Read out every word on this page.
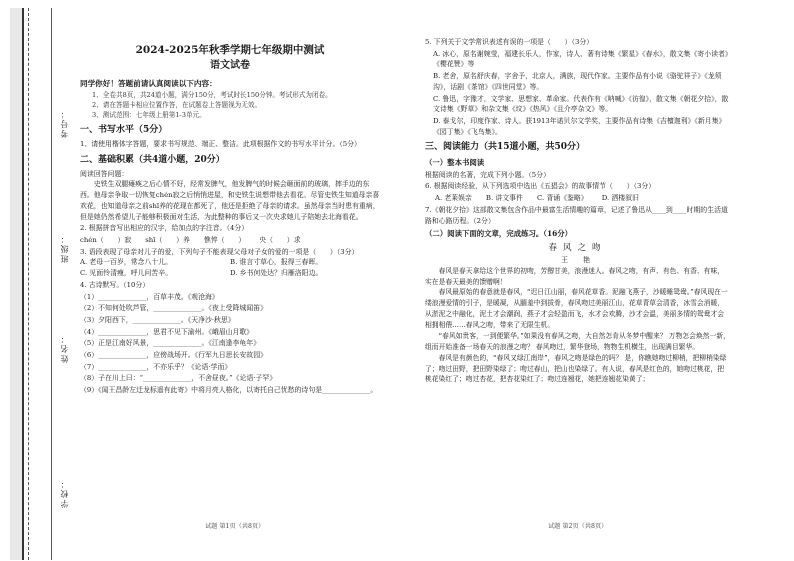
学校：
姓名：
班级：
考号：
2024-2025年秋季学期七年级期中测试
语文试卷
同学你好！答题前请认真阅读以下内容：
1、全卷共8页，共24道小题，满分150分，考试时长150分钟。考试形式为闭卷。
2、请在答题卡相应位置作答，在试题卷上答题视为无效。
3、测试范围：七年级上册第1-3单元。
一、书写水平（5分）
1、请使用楷体字答题，要求书写规范、端正、整洁。此项根据作文的书写水平计分。（5分）
二、基础积累（共4道小题，20分）
阅读回答问题：
史铁生双腿瘫痪之后心情不好，经常发脾气，他发脾气的时候会砸面前的玻璃，摔手边的东西。他母亲争取一切恢复chén寂之后悄悄进屋，和史铁生说想带他去看花。尽管史铁生知道母亲喜欢花，也知道母亲之前shī养的花现在都死了，他还是拒绝了母亲的请求。虽然母亲当时患有重病，但是她仍然希望儿子能够积极面对生活，为此整种的事后又一次央求她儿子陪她去北海看花。
2. 根据拼音写出相应的汉字，给加点的字注音。（4分）
chén（　　）寂 shī（　　）养 憔悴（　　） 央（　　）求
3. 语段表现了母亲对儿子的爱，下列句子不能表现父母对子女的爱的一项是（　　）（3分）
A. 老母一百岁，常念八十儿。	B. 谁言寸草心，报得三春晖。
C. 见面怜清瘦，呼儿问苦辛。	D. 乡书何处达？归雁洛阳边。
4. 古诗默写。（10分）
（1）______________，百草丰茂。《观沧海》
（2）不知何处吹芦管，______________。《夜上受降城闻笛》
（3）夕阳西下，______________。《天净沙·秋思》
（4）______________，思君不见下渝州。《峨眉山月歌》
（5）正是江南好风景，______________。《江南逢李龟年》
（6）______________，应傍战场开。《行军九日思长安故园》
（7）______________，不亦乐乎？《论语·学而》
（8）子在川上曰：“______________，不舍昼夜。”《论语·子罕》
（9）《闻王昌龄左迁龙标遥有此寄》中将月亮人格化，以寄托自己忧愁的诗句是______________。
试题 第1页（共8页）
5. 下列关于文学常识表述有误的一项是（　　）（3分）
A. 冰心，原名谢婉莹，福建长乐人，作家，诗人、著有诗集《繁星》《春水》，散文集《寄小读者》《樱花赞》等
B. 老舍，原名舒庆春，字舍予，北京人，满族，现代作家。主要作品有小说《骆驼祥子》《龙须沟》，话剧《茶馆》《四世同堂》等。
C. 鲁迅，字豫才，文学家、思想家、革命家。代表作有《呐喊》《彷徨》，散文集《朝花夕拾》，散文诗集《野草》和杂文集《坟》《热风》《且介亭杂文》等。
D. 泰戈尔，印度作家、诗人。获1913年诺贝尔文学奖，主要作品有诗集《吉檀迦利》《新月集》《园丁集》《飞鸟集》。
三、阅读能力（共15道小题，共50分）
（一）整本书阅读
根据阅读的名著，完成下列小题。（5分）
6. 根据阅读经验，从下列选项中选出《五猖会》的故事情节（　　）（3分）
A. 老莱娱亲 B. 讲文事件 C. 背诵《鉴略》 D. 洒楼叙旧
7.《朝花夕拾》这部散文集包含作品中最富生活情趣的篇章，记述了鲁迅从____到____时期的生活道路和心路历程。（2分）
（二）阅读下面的文章，完成练习。（16分）
春风之吻
王　艳
春风是春天拿给这个世界的初吻，芳醇甘美，浪漫迷人。春风之吻，有声、有色、有香、有味，实在是春天最美的馈赠啊！
春风最原始的春意就是春风，“迟日江山丽，春风花草香。泥融飞燕子，沙暖睡鸳鸯。”春风现在一缕浪漫爱情的引子，是暖凝，从腼羞中到拔骨，春风吻过美丽江山，花草青草会清香，冰雪会消暖，从淤泥之中融化，泥土才会潮润，燕子才会轻盈而飞，水才会欢腾，沙才会温，美丽多情的鸳鸯才会相拥相偎……春风之吻，带来了无限生机。
“春风如贵客，一到便繁华。”如果没有春风之吻，大自然怎肯从冬梦中醒来？ 万物怎会焕然一新，组而开始准备一场春天的浪漫之吻？ 春风吻过，繁华登场，物物生机横生，出现满目繁华。
春风是有颜色的，“春风又绿江南岸”，春风之吻是绿色的吗？ 是，你瞧她吻过柳梢，把柳梢染绿了；吻过田野，把田野染绿了；吻过春山，把山也染绿了。有人说，春风是红色的，她吻过桃花，把桃花染红了；吻过杏花，把杏花染红了；吻过连翘花，她把连翘花染黄了；
试题 第2页（共8页）
